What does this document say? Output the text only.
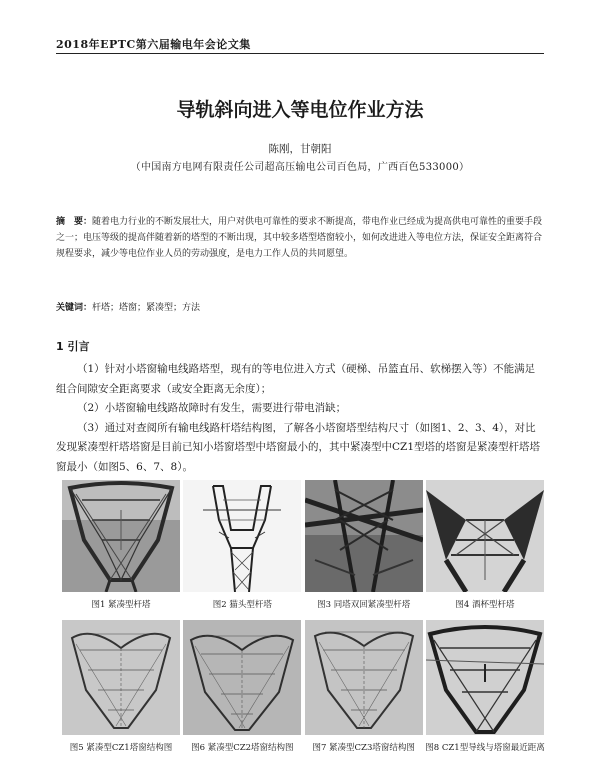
2018年EPTC第六届输电年会论文集
导轨斜向进入等电位作业方法
陈刚，甘朝阳
（中国南方电网有限责任公司超高压输电公司百色局，广西百色533000）
摘　要：随着电力行业的不断发展壮大，用户对供电可靠性的要求不断提高，带电作业已经成为提高供电可靠性的重要手段之一；电压等级的提高伴随着新的塔型的不断出现，其中较多塔型塔窗较小，如何改进进入等电位方法，保证安全距离符合规程要求，减少等电位作业人员的劳动强度，是电力工作人员的共同愿望。
关键词：杆塔；塔窗；紧凑型；方法
1 引言

（1）针对小塔窗输电线路塔型，现有的等电位进入方式（硬梯、吊篮直吊、软梯摆入等）不能满足组合间隙安全距离要求（或安全距离无余度）；

（2）小塔窗输电线路故障时有发生，需要进行带电消缺；

（3）通过对查阅所有输电线路杆塔结构图，了解各小塔窗塔型结构尺寸（如图1、2、3、4），对比发现紧凑型杆塔塔窗是目前已知小塔窗塔型中塔窗最小的，其中紧凑型中CZ1型塔的塔窗是紧凑型杆塔塔窗最小（如图5、6、7、8）。

图1 紧凑型杆塔	图2 猫头型杆塔	图3 同塔双回紧凑型杆塔	图4 酒杯型杆塔
图5 紧凑型CZ1塔窗结构图	图6 紧凑型CZ2塔窗结构图	图7 紧凑型CZ3塔窗结构图	图8 CZ1型导线与塔窗最近距离
